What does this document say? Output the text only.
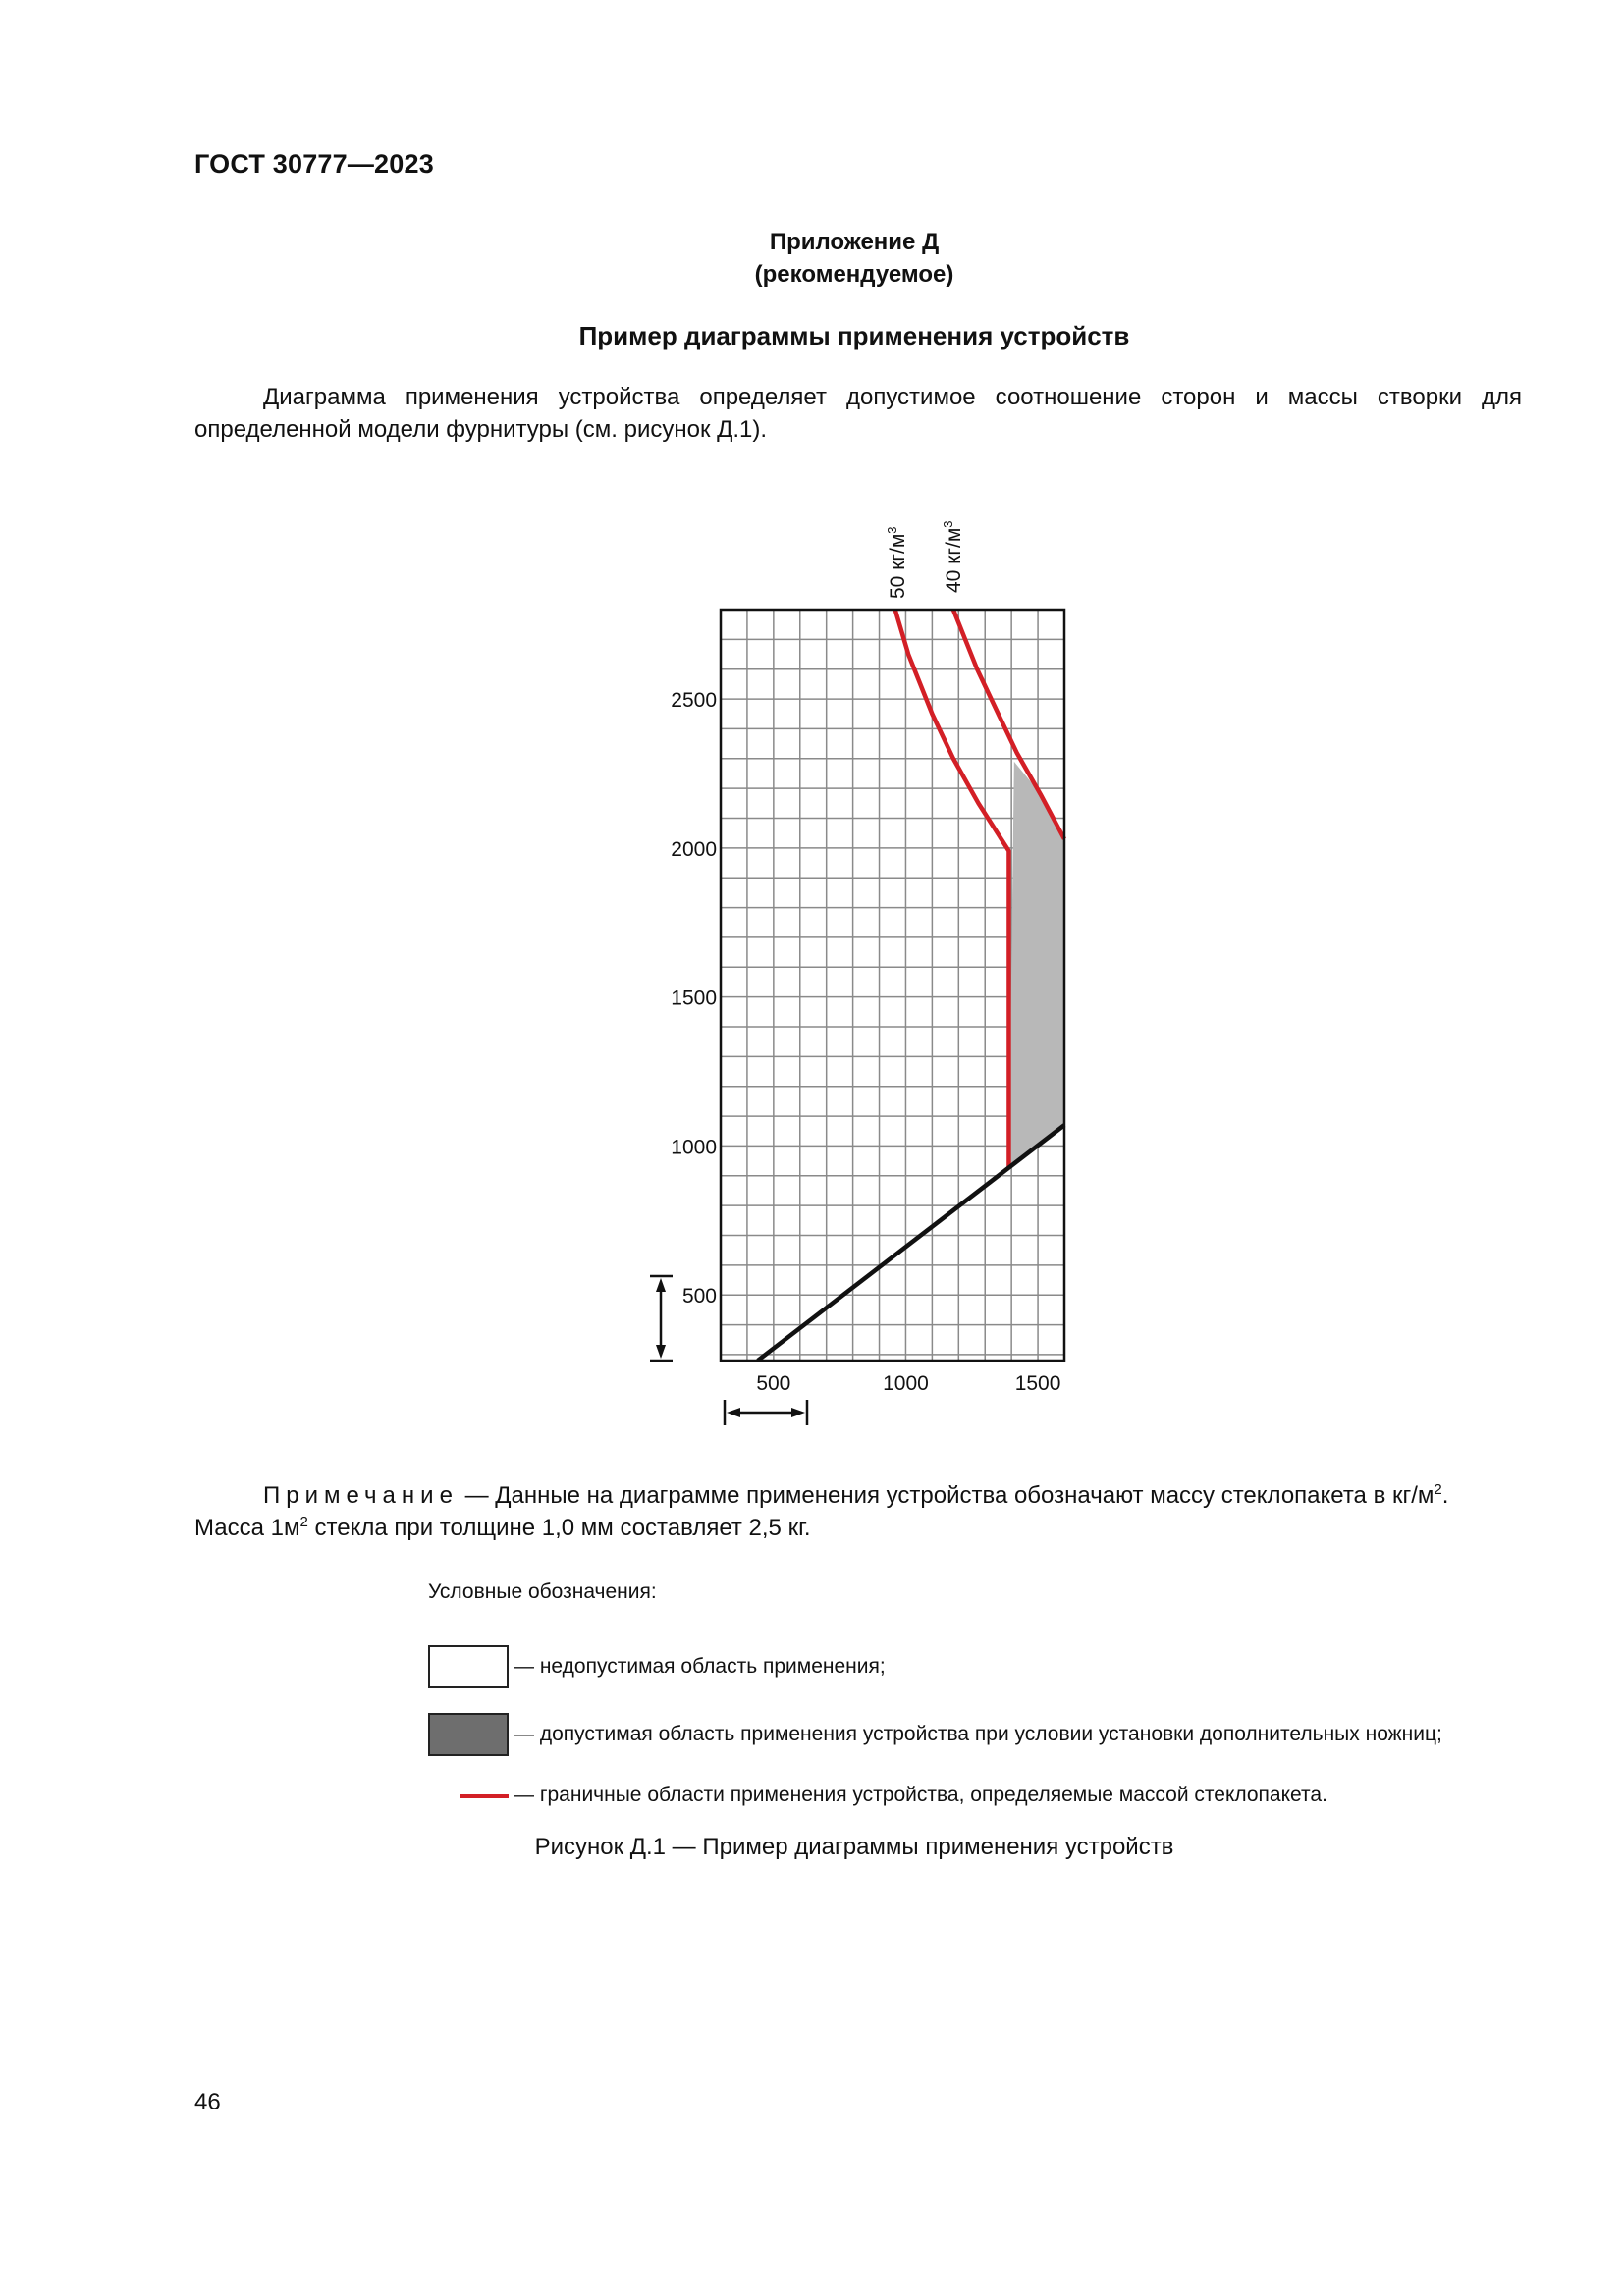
ГОСТ 30777—2023
Приложение Д
(рекомендуемое)
Пример диаграммы применения устройств
Диаграмма применения устройства определяет допустимое соотношение сторон и массы створки для определенной модели фурнитуры (см. рисунок Д.1).
500	1000	1500
500
1000
1500
2000
2500
50 $кг/м^3$	40 $кг/м^3$
Примечание — Данные на диаграмме применения устройства обозначают массу стеклопакета в $кг/м^2$. Масса $1м^2$ стекла при толщине 1,0 мм составляет 2,5 кг.
Условные обозначения:
— недопустимая область применения;
— допустимая область применения устройства при условии установки дополнительных ножниц;
— граничные области применения устройства, определяемые массой стеклопакета.
Рисунок Д.1 — Пример диаграммы применения устройств
46
